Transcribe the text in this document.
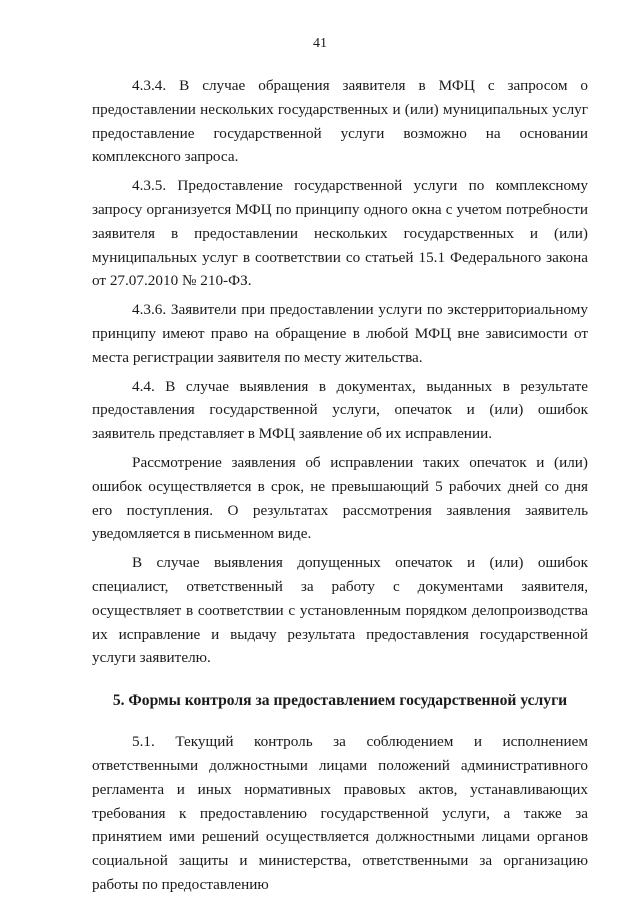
41

4.3.4. В случае обращения заявителя в МФЦ с запросом о предоставлении нескольких государственных и (или) муниципальных услуг предоставление государственной услуги возможно на основании комплексного запроса.

4.3.5. Предоставление государственной услуги по комплексному запросу организуется МФЦ по принципу одного окна с учетом потребности заявителя в предоставлении нескольких государственных и (или) муниципальных услуг в соответствии со статьей 15.1 Федерального закона от 27.07.2010 № 210-ФЗ.

4.3.6. Заявители при предоставлении услуги по экстерриториальному принципу имеют право на обращение в любой МФЦ вне зависимости от места регистрации заявителя по месту жительства.

4.4. В случае выявления в документах, выданных в результате предоставления государственной услуги, опечаток и (или) ошибок заявитель представляет в МФЦ заявление об их исправлении.

Рассмотрение заявления об исправлении таких опечаток и (или) ошибок осуществляется в срок, не превышающий 5 рабочих дней со дня его поступления. О результатах рассмотрения заявления заявитель уведомляется в письменном виде.

В случае выявления допущенных опечаток и (или) ошибок специалист, ответственный за работу с документами заявителя, осуществляет в соответствии с установленным порядком делопроизводства их исправление и выдачу результата предоставления государственной услуги заявителю.

5. Формы контроля за предоставлением государственной услуги

5.1. Текущий контроль за соблюдением и исполнением ответственными должностными лицами положений административного регламента и иных нормативных правовых актов, устанавливающих требования к предоставлению государственной услуги, а также за принятием ими решений осуществляется должностными лицами органов социальной защиты и министерства, ответственными за организацию работы по предоставлению
